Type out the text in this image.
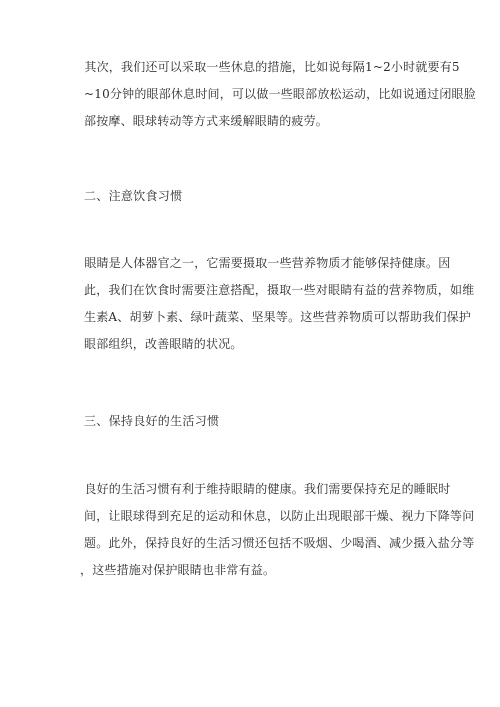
　　其次，我们还可以采取一些休息的措施，比如说每隔1~2小时就要有5
~10分钟的眼部休息时间，可以做一些眼部放松运动，比如说通过闭眼脸
部按摩、眼球转动等方式来缓解眼睛的疲劳。
二、注意饮食习惯
　　眼睛是人体器官之一，它需要摄取一些营养物质才能够保持健康。因
此，我们在饮食时需要注意搭配，摄取一些对眼睛有益的营养物质，如维
生素A、胡萝卜素、绿叶蔬菜、坚果等。这些营养物质可以帮助我们保护
眼部组织，改善眼睛的状况。
三、保持良好的生活习惯
　　良好的生活习惯有利于维持眼睛的健康。我们需要保持充足的睡眠时
间，让眼球得到充足的运动和休息，以防止出现眼部干燥、视力下降等问
题。此外，保持良好的生活习惯还包括不吸烟、少喝酒、减少摄入盐分等
，这些措施对保护眼睛也非常有益。
